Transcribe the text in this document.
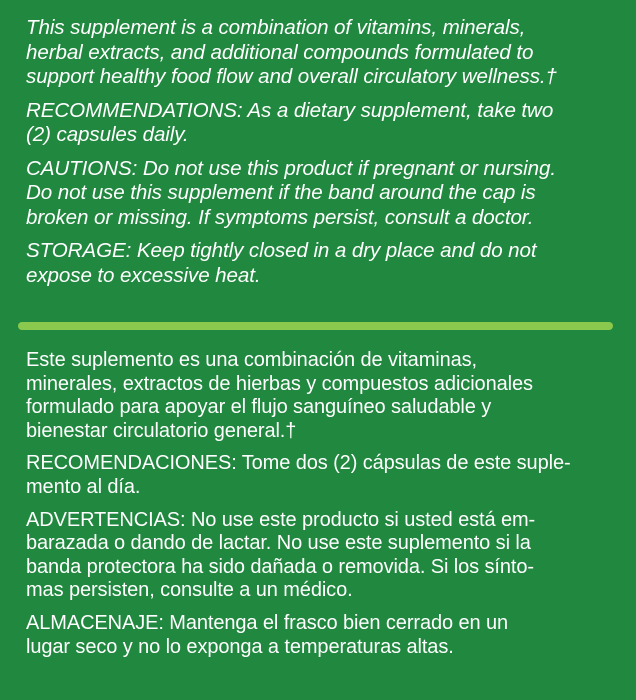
This supplement is a combination of vitamins, minerals,
herbal extracts, and additional compounds formulated to
support healthy food flow and overall circulatory wellness.†

RECOMMENDATIONS: As a dietary supplement, take two
(2) capsules daily.

CAUTIONS: Do not use this product if pregnant or nursing.
Do not use this supplement if the band around the cap is
broken or missing. If symptoms persist, consult a doctor.

STORAGE: Keep tightly closed in a dry place and do not
expose to excessive heat.

Este suplemento es una combinación de vitaminas,
minerales, extractos de hierbas y compuestos adicionales
formulado para apoyar el flujo sanguíneo saludable y
bienestar circulatorio general.†

RECOMENDACIONES: Tome dos (2) cápsulas de este suple-
mento al día.

ADVERTENCIAS: No use este producto si usted está em-
barazada o dando de lactar. No use este suplemento si la
banda protectora ha sido dañada o removida. Si los sínto-
mas persisten, consulte a un médico.

ALMACENAJE: Mantenga el frasco bien cerrado en un
lugar seco y no lo exponga a temperaturas altas.
